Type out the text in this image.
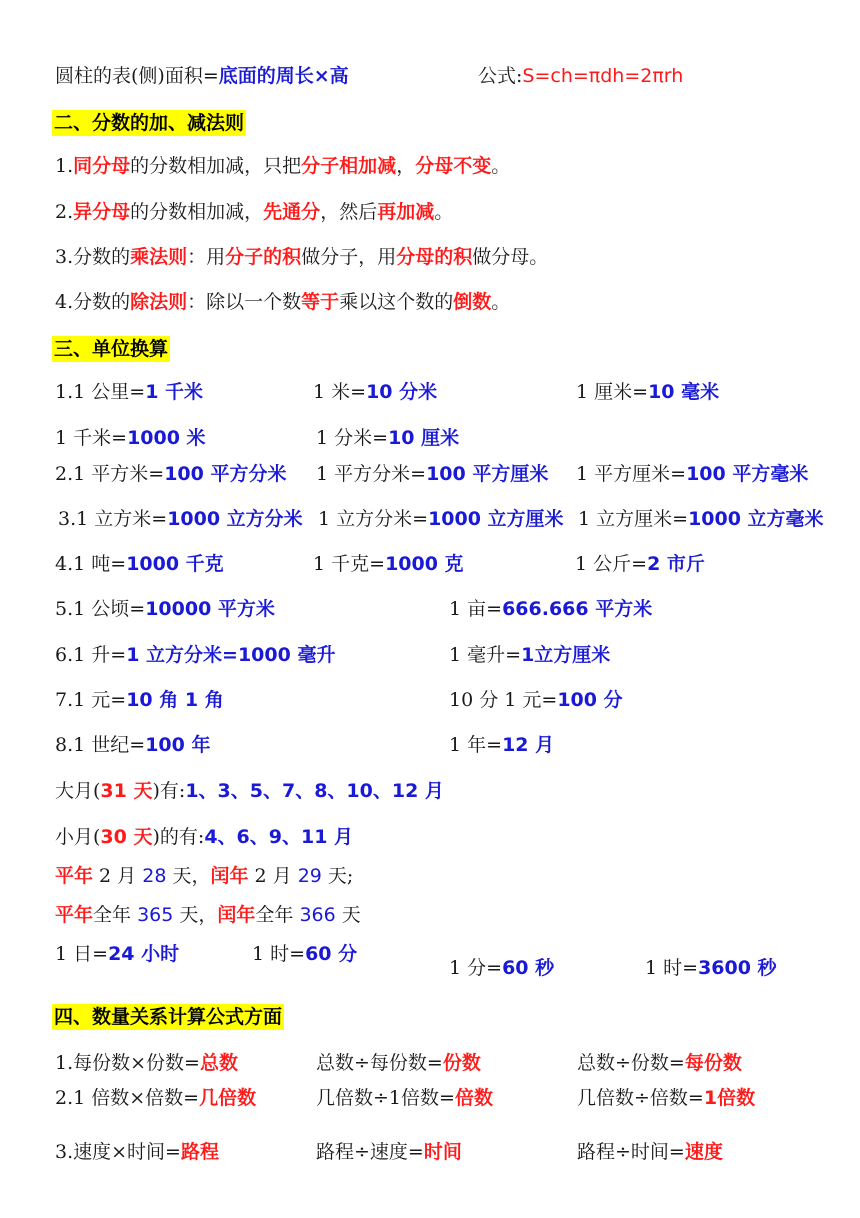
圆柱的表(侧)面积=底面的周长×高	公式:S=ch=πdh=2πrh
二、分数的加、减法则
1.同分母的分数相加减，只把分子相加减，分母不变。
2.异分母的分数相加减，先通分，然后再加减。
3.分数的乘法则：用分子的积做分子，用分母的积做分母。
4.分数的除法则：除以一个数等于乘以这个数的倒数。
三、单位换算
1.1 公里=1 千米	1 米=10 分米	1 厘米=10 毫米
1 千米=1000 米	1 分米=10 厘米
2.1 平方米=100 平方分米 1 平方分米=100 平方厘米 1 平方厘米=100 平方毫米
3.1 立方米=1000 立方分米 1 立方分米=1000 立方厘米 1 立方厘米=1000 立方毫米
4.1 吨=1000 千克	1 千克=1000 克	1 公斤=2 市斤
5.1 公顷=10000 平方米	1 亩=666.666 平方米
6.1 升=1 立方分米=1000 毫升	1 毫升=1立方厘米
7.1 元=10 角 1 角	10 分 1 元=100 分
8.1 世纪=100 年	1 年=12 月
大月(31 天)有:1、3、5、7、8、10、12 月
小月(30 天)的有:4、6、9、11 月
平年 2 月 28 天，闰年 2 月 29 天;
平年全年 365 天，闰年全年 366 天
1 日=24 小时	1 时=60 分
1 分=60 秒	1 时=3600 秒
四、数量关系计算公式方面
1.每份数×份数=总数	总数÷每份数=份数	总数÷份数=每份数
2.1 倍数×倍数=几倍数	几倍数÷1倍数=倍数	几倍数÷倍数=1倍数
3.速度×时间=路程	路程÷速度=时间	路程÷时间=速度
